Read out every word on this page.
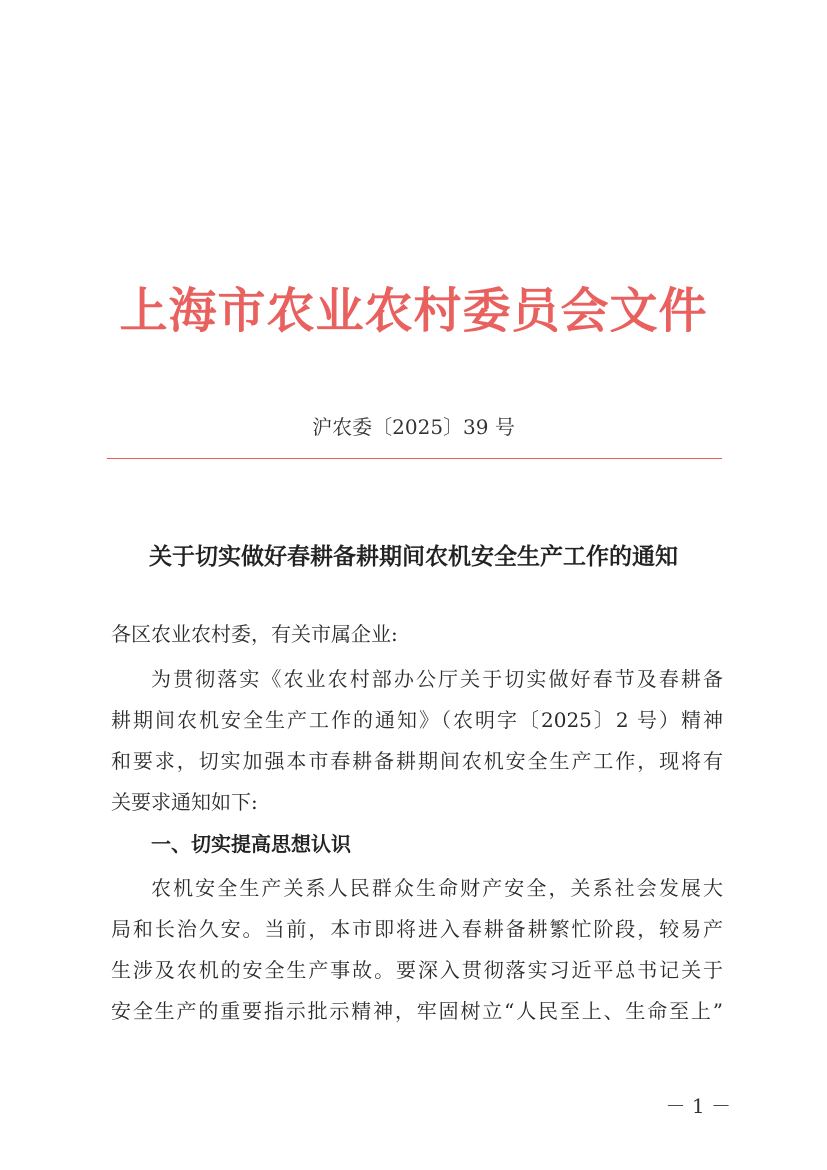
上海市农业农村委员会文件
沪农委〔2025〕39 号
关于切实做好春耕备耕期间农机安全生产工作的通知
各区农业农村委，有关市属企业:
为贯彻落实《农业农村部办公厅关于切实做好春节及春耕备
耕期间农机安全生产工作的通知》（农明字〔2025〕2 号）精神
和要求，切实加强本市春耕备耕期间农机安全生产工作，现将有
关要求通知如下:
一、切实提高思想认识
农机安全生产关系人民群众生命财产安全，关系社会发展大
局和长治久安。当前，本市即将进入春耕备耕繁忙阶段，较易产
生涉及农机的安全生产事故。要深入贯彻落实习近平总书记关于
安全生产的重要指示批示精神，牢固树立“人民至上、生命至上”
－ 1 －
